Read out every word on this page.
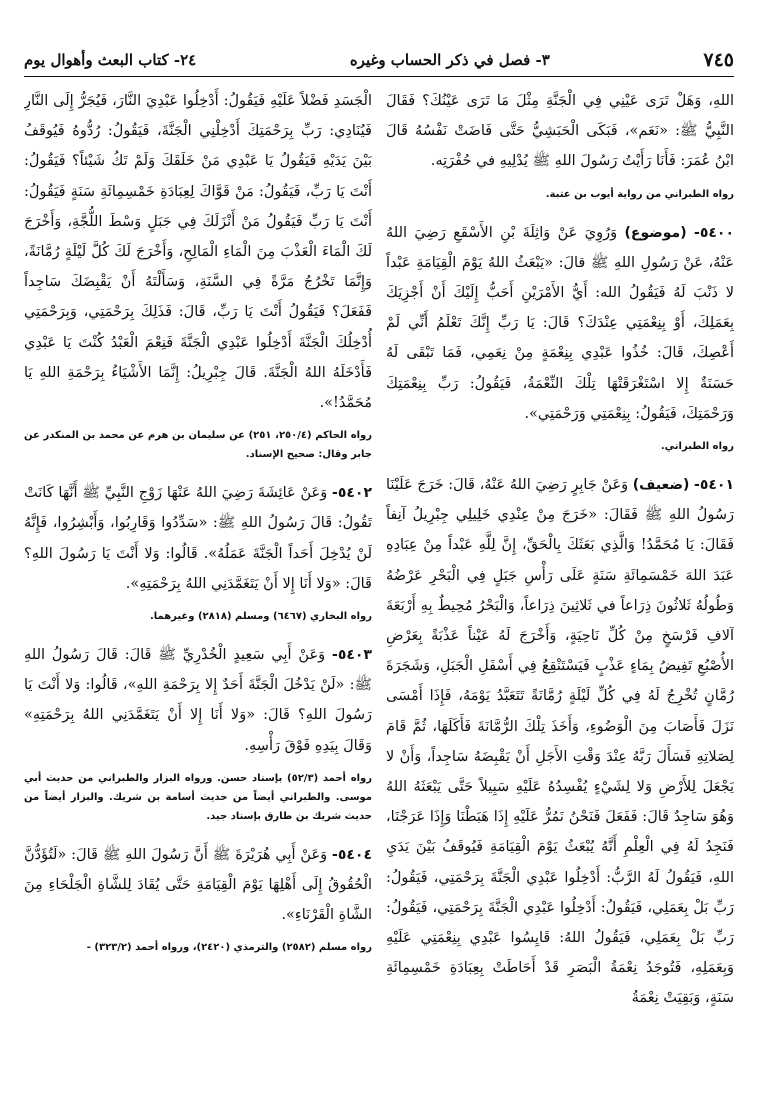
٧٤٥
٣- فصل في ذكر الحساب وغيره
٢٤- كتاب البعث وأهوال يوم

اللهِ، وَهَلْ تَرَى عَيْنِي فِي الْجَنَّةِ مِثْلَ مَا تَرَى عَيْنُكَ؟ فَقَالَ النَّبِيُّ ﷺ: «نَعَم»، فَبَكَى الْحَبَشِيُّ حَتَّى فَاضَتْ نَفْسُهُ قَالَ ابْنُ عُمَرَ: فَأَنَا رَأَيْتُ رَسُولَ اللهِ ﷺ يُدْلِيهِ في حُفْرَتِه.

رواه الطبراني من رواية أيوب بن عتبة.

٥٤٠٠- (موضوع) وَرُوِيَ عَنْ وَاثِلَةَ بْنِ الأَسْقَعِ رَضِيَ اللهُ عَنْهُ، عَنْ رَسُولِ اللهِ ﷺ قالَ: «يَبْعَثُ اللهُ يَوْمَ الْقِيَامَةِ عَبْداً لا ذَنْبَ لَهُ فَيَقُولُ الله: أَيُّ الأَمْرَيْنِ أَحَبُّ إِلَيْكَ أَنْ أَجْزِيَكَ بِعَمَلِكَ، أَوْ بِنِعْمَتِي عِنْدَكَ؟ قَالَ: يَا رَبِّ إِنَّكَ تَعْلَمُ أَنِّي لَمْ أَعْصِكَ، قَالَ: خُذُوا عَبْدِي بِنِعْمَةٍ مِنْ نِعَمِي، فَمَا تَبْقَى لَهُ حَسَنَةٌ إِلا اسْتَغْرَقَتْهَا تِلْكَ النِّعْمَةُ، فَيَقُولُ: رَبِّ بِنِعْمَتِكَ وَرَحْمَتِكَ، فَيَقُولُ: بِنِعْمَتِي وَرَحْمَتِي».

رواه الطبراني.

٥٤٠١- (ضعيف) وَعَنْ جَابِرٍ رَضِيَ اللهُ عَنْهُ، قَالَ: خَرَجَ عَلَيْنَا رَسُولُ اللهِ ﷺ فَقَالَ: «خَرَجَ مِنْ عِنْدِي خَلِيلِي جِبْرِيلُ آنِفاً فَقَالَ: يَا مُحَمَّدُ! وَالَّذِي بَعَثَكَ بِالْحَقِّ، إِنَّ لِلَّهِ عَبْداً مِنْ عِبَادِهِ عَبَدَ اللهَ خَمْسَمِائَةِ سَنَةٍ عَلَى رَأْسِ جَبَلٍ فِي الْبَحْرِ عَرْضُهُ وَطُولُهُ ثَلاثُونَ ذِرَاعاً في ثَلاثِينَ ذِرَاعاً، وَالْبَحْرُ مُحِيطٌ بِهِ أَرْبَعَةَ آلافِ فَرْسَخٍ مِنْ كُلِّ نَاحِيَةٍ، وَأَخْرَجَ لَهُ عَيْناً عَذْبَةً بِعَرْضِ الأُصْبُعِ تَفِيضُ بِمَاءٍ عَذْبٍ فَيَسْتَنْقِعُ فِي أَسْفَلِ الْجَبَلِ، وَشَجَرَةَ رُمَّانٍ تُخْرِجُ لَهُ فِي كُلِّ لَيْلَةٍ رُمَّانَةً تَتَعَبَّدُ يَوْمَهُ، فَإِذَا أَمْسَى نَزَلَ فَأَصَابَ مِنَ الْوَضُوءِ، وَأَخَذَ تِلْكَ الرُّمَّانَةَ فَأَكَلَهَا، ثُمَّ قَامَ لِصَلاتِهِ فَسَأَلَ رَبَّهُ عِنْدَ وَقْتِ الأَجَلِ أَنْ يَقْبِضَهُ سَاجِداً، وَأَنْ لا يَجْعَلَ لِلأَرْضِ وَلا لِشَيْءٍ يُفْسِدُهُ عَلَيْهِ سَبِيلاً حَتَّى يَبْعَثَهُ اللهُ وَهُوَ سَاجِدٌ قَالَ: فَفَعَلَ فَنَحْنُ نَمُرُّ عَلَيْهِ إِذَا هَبَطْنَا وَإِذَا عَرَجْنَا، فَنَجِدُ لَهُ فِي الْعِلْمِ أَنَّهُ يُبْعَثُ يَوْمَ الْقِيَامَةِ فَيُوقَفُ بَيْنَ يَدَيِ اللهِ، فَيَقُولُ لَهُ الرَّبُّ: أَدْخِلُوا عَبْدِي الْجَنَّةَ بِرَحْمَتِي، فَيَقُولُ: رَبِّ بَلْ بِعَمَلِي، فَيَقُولُ: أَدْخِلُوا عَبْدِي الْجَنَّةَ بِرَحْمَتِي، فَيَقُولُ: رَبِّ بَلْ بِعَمَلِي، فَيَقُولُ اللهُ: قَايِسُوا عَبْدِي بِنِعْمَتِي عَلَيْهِ وَبِعَمَلِهِ، فَتُوجَدُ نِعْمَةُ الْبَصَرِ قَدْ أَحَاطَتْ بِعِبَادَةِ خَمْسِمِائَةِ سَنَةٍ، وَبَقِيَتْ نِعْمَةُ

الْجَسَدِ فَضْلاً عَلَيْهِ فَيَقُولُ: أَدْخِلُوا عَبْدِيَ النَّارَ، فَيُجَرُّ إِلَى النَّارِ فَيُنَادِي: رَبِّ بِرَحْمَتِكَ أَدْخِلْنِي الْجَنَّةَ، فَيَقُولُ: رُدُّوهُ فَيُوقَفُ بَيْنَ يَدَيْهِ فَيَقُولُ يَا عَبْدِي مَنْ خَلَقَكَ وَلَمْ تَكُ شَيْئاً؟ فَيَقُولُ: أَنْتَ يَا رَبِّ، فَيَقُولُ: مَنْ قَوَّاكَ لِعِبَادَةِ خَمْسِمِائَةِ سَنَةٍ فَيَقُولُ: أَنْتَ يَا رَبِّ فَيَقُولُ مَنْ أَنْزَلَكَ فِي جَبَلٍ وَسْطَ اللُّجَّةِ، وَأَخْرَجَ لَكَ الْمَاءَ الْعَذْبَ مِنَ الْمَاءِ الْمَالِحِ، وَأَخْرَجَ لَكَ كُلَّ لَيْلَةٍ رُمَّانَةً، وَإِنَّمَا تَخْرُجُ مَرَّةً فِي السَّنَةِ، وَسَأَلْتَهُ أَنْ يَقْبِضَكَ سَاجِداً فَفَعَلَ؟ فَيَقُولُ أَنْتَ يَا رَبِّ، قَالَ: فَذَلِكَ بِرَحْمَتِي، وَبِرَحْمَتِي أُدْخِلُكَ الْجَنَّةَ أَدْخِلُوا عَبْدِي الْجَنَّةَ فَنِعْمَ الْعَبْدُ كُنْتَ يَا عَبْدِي فَأَدْخَلَهُ اللهُ الْجَنَّةَ. قَالَ جِبْرِيلُ: إِنَّمَا الأَشْيَاءُ بِرَحْمَةِ اللهِ يَا مُحَمَّدُ!».

رواه الحاكم (٢٥٠/٤، ٢٥١) عن سليمان بن هرم عن محمد بن المنكدر عن جابر وقال: صحيح الإسناد.

٥٤٠٢- وَعَنْ عَائِشَةَ رَضِيَ اللهُ عَنْهَا زَوْجِ النَّبِيِّ ﷺ أَنَّهَا كَانَتْ تَقُولُ: قَالَ رَسُولُ اللهِ ﷺ: «سَدِّدُوا وَقَارِبُوا، وَأَبْشِرُوا، فَإِنَّهُ لَنْ يُدْخِلَ أَحَداً الْجَنَّةَ عَمَلُهُ». قَالُوا: وَلا أَنْتَ يَا رَسُولَ اللهِ؟ قَالَ: «وَلا أَنَا إِلا أَنْ يَتَغَمَّدَنِي اللهُ بِرَحْمَتِهِ».

رواه البخاري (٦٤٦٧) ومسلم (٢٨١٨) وغيرهما.

٥٤٠٣- وَعَنْ أَبِي سَعِيدٍ الْخُدْرِيِّ ﷺ قَالَ: قَالَ رَسُولُ اللهِ ﷺ: «لَنْ يَدْخُلَ الْجَنَّةَ أَحَدٌ إِلا بِرَحْمَةِ اللهِ»، قَالُوا: وَلا أَنْتَ يَا رَسُولَ اللهِ؟ قَالَ: «وَلا أَنَا إِلا أَنْ يَتَغَمَّدَنِي اللهُ بِرَحْمَتِهِ» وَقَالَ بِيَدِهِ فَوْقَ رَأْسِهِ.

رواه أحمد (٥٢/٣) بإسناد حسن. ورواه البزار والطبراني من حديث أبي موسى. والطبراني أيضاً من حديث أسامة بن شريك. والبزار أيضاً من حديث شريك بن طارق بإسناد جيد.

٥٤٠٤- وَعَنْ أَبِي هُرَيْرَةَ ﷺ أَنَّ رَسُولَ اللهِ ﷺ قَالَ: «لَتُؤَدُّنَّ الْحُقُوقُ إِلَى أَهْلِهَا يَوْمَ الْقِيَامَةِ حَتَّى يُقَادَ لِلشَّاةِ الْجَلْحَاءِ مِنَ الشَّاةِ الْقَرْنَاءِ».

رواه مسلم (٢٥٨٢) والترمذي (٢٤٢٠)، ورواه أحمد (٣٢٣/٢) -
